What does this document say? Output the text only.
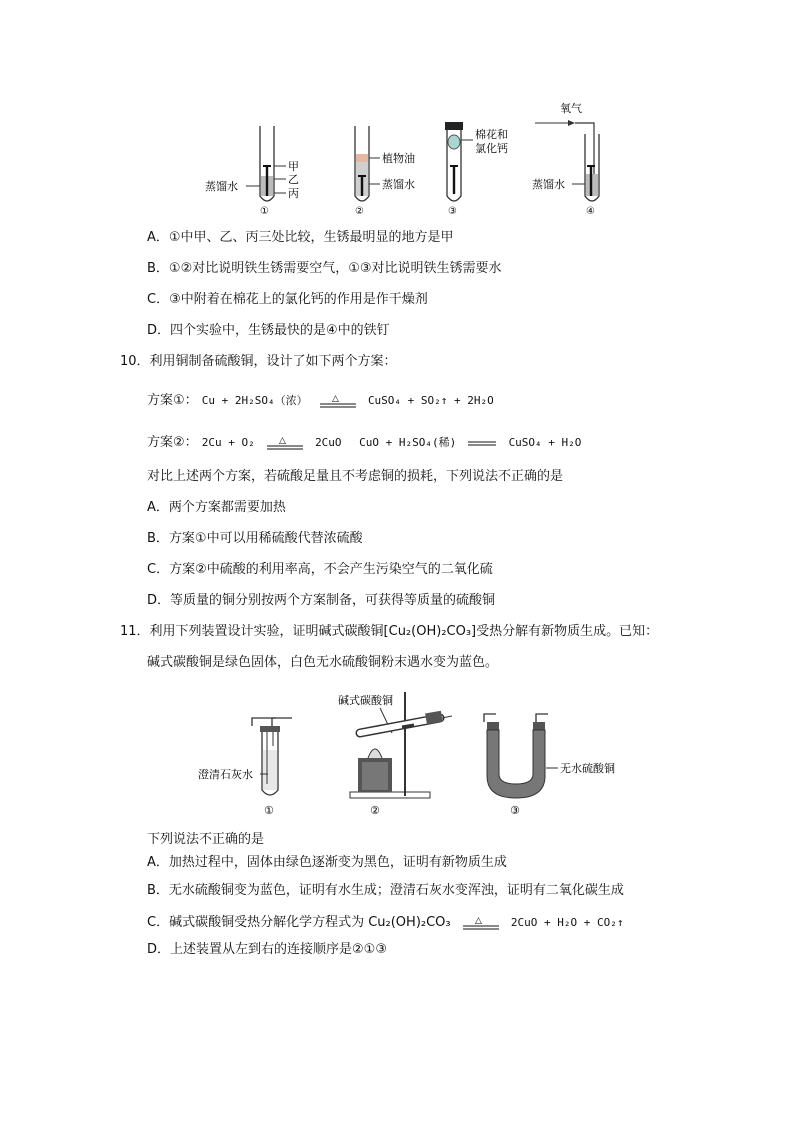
甲
乙
丙
蒸馏水
①
植物油
蒸馏水
②
棉花和
氯化钙
③
氧气
蒸馏水
④
A．①中甲、乙、丙三处比较，生锈最明显的地方是甲
B．①②对比说明铁生锈需要空气，①③对比说明铁生锈需要水
C．③中附着在棉花上的氯化钙的作用是作干燥剂
D．四个实验中，生锈最快的是④中的铁钉
10．利用铜制备硫酸铜，设计了如下两个方案：
方案①： Cu + 2H₂SO₄（浓）	△	CuSO₄ + SO₂↑ + 2H₂O
方案②： 2Cu + O₂	△	2CuO　 CuO + H₂SO₄(稀)	CuSO₄ + H₂O
对比上述两个方案，若硫酸足量且不考虑铜的损耗，下列说法不正确的是
A．两个方案都需要加热
B．方案①中可以用稀硫酸代替浓硫酸
C．方案②中硫酸的利用率高，不会产生污染空气的二氧化硫
D．等质量的铜分别按两个方案制备，可获得等质量的硫酸铜
11．利用下列装置设计实验，证明碱式碳酸铜[Cu₂(OH)₂CO₃]受热分解有新物质生成。已知：
碱式碳酸铜是绿色固体，白色无水硫酸铜粉末遇水变为蓝色。
澄清石灰水
①
碱式碳酸铜
②
无水硫酸铜
③
下列说法不正确的是
A．加热过程中，固体由绿色逐渐变为黑色，证明有新物质生成
B．无水硫酸铜变为蓝色，证明有水生成；澄清石灰水变浑浊，证明有二氧化碳生成
C．碱式碳酸铜受热分解化学方程式为 Cu₂(OH)₂CO₃	△	2CuO + H₂O + CO₂↑
D．上述装置从左到右的连接顺序是②①③
